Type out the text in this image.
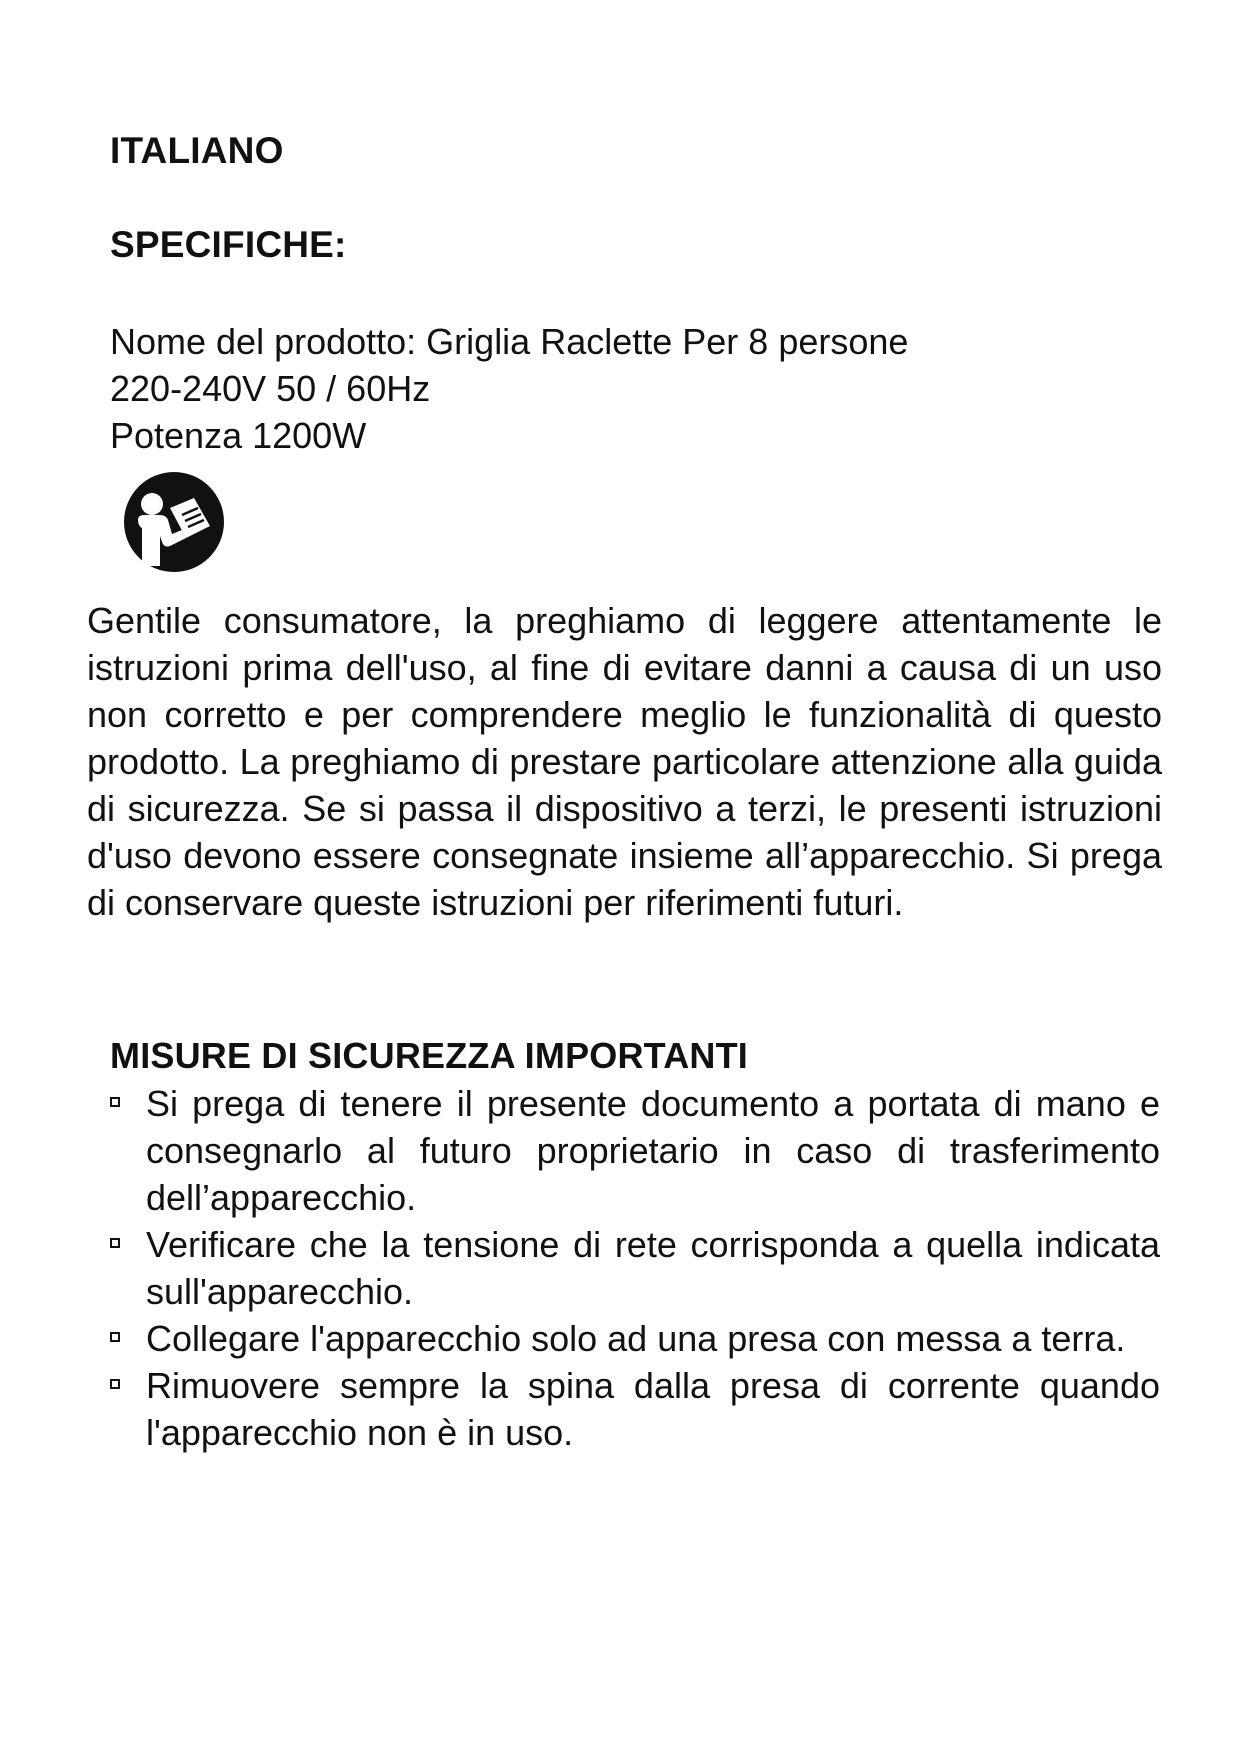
ITALIANO
SPECIFICHE:
Nome del prodotto: Griglia Raclette Per 8 persone
220-240V 50 / 60Hz
Potenza 1200W

Gentile consumatore, la preghiamo di leggere attentamente le istruzioni prima dell'uso, al fine di evitare danni a causa di un uso non corretto e per comprendere meglio le funzionalità di questo prodotto. La preghiamo di prestare particolare attenzione alla guida di sicurezza. Se si passa il dispositivo a terzi, le presenti istruzioni d'uso devono essere consegnate insieme all’apparecchio. Si prega di conservare queste istruzioni per riferimenti futuri.

MISURE DI SICUREZZA IMPORTANTI
Si prega di tenere il presente documento a portata di mano e consegnarlo al futuro proprietario in caso di trasferimento dell’apparecchio.
Verificare che la tensione di rete corrisponda a quella indicata sull'apparecchio.
Collegare l'apparecchio solo ad una presa con messa a terra.
Rimuovere sempre la spina dalla presa di corrente quando l'apparecchio non è in uso.
